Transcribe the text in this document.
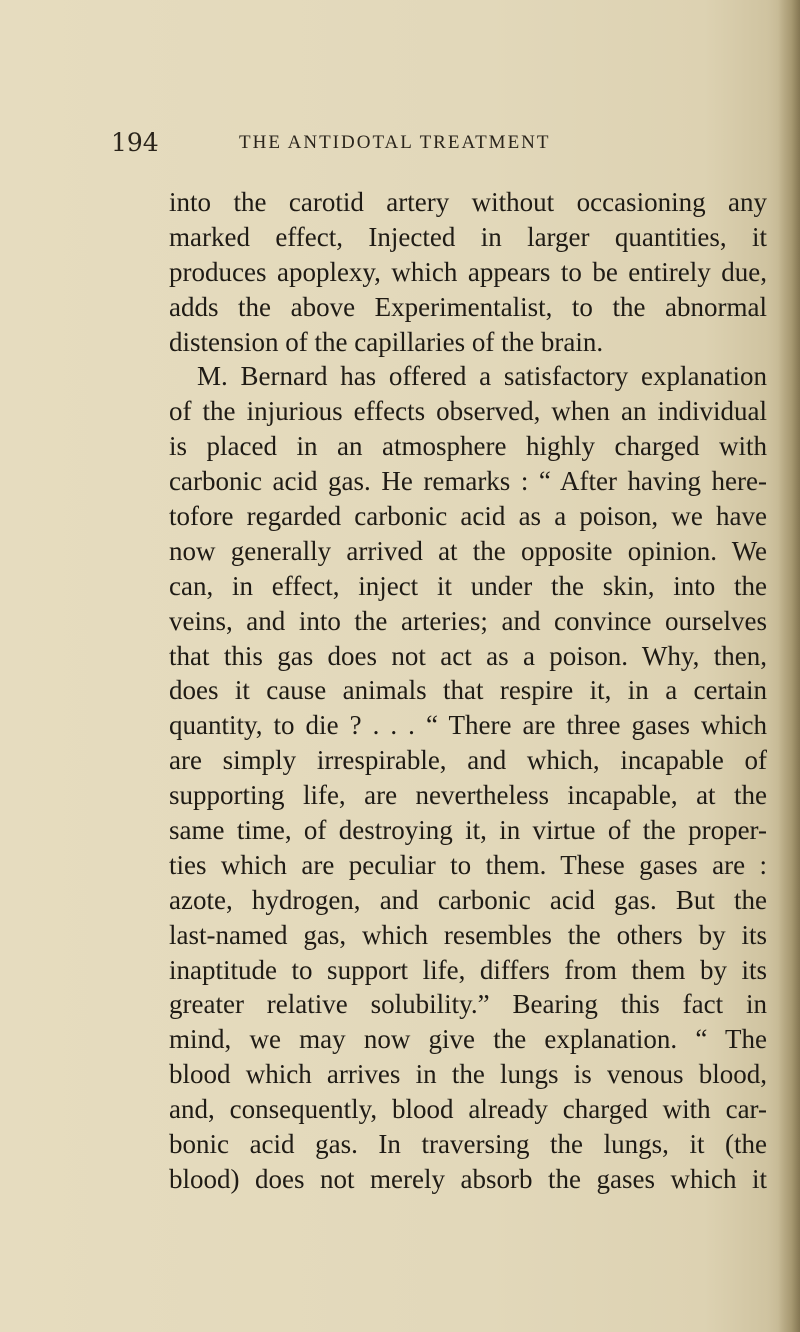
194	THE ANTIDOTAL TREATMENT
into the carotid artery without occasioning any
marked effect, Injected in larger quantities, it
produces apoplexy, which appears to be entirely due,
adds the above Experimentalist, to the abnormal
distension of the capillaries of the brain.
M. Bernard has offered a satisfactory explanation
of the injurious effects observed, when an individual
is placed in an atmosphere highly charged with
carbonic acid gas. He remarks : “ After having here-
tofore regarded carbonic acid as a poison, we have
now generally arrived at the opposite opinion. We
can, in effect, inject it under the skin, into the
veins, and into the arteries; and convince ourselves
that this gas does not act as a poison. Why, then,
does it cause animals that respire it, in a certain
quantity, to die ? . . . “ There are three gases which
are simply irrespirable, and which, incapable of
supporting life, are nevertheless incapable, at the
same time, of destroying it, in virtue of the proper-
ties which are peculiar to them. These gases are :
azote, hydrogen, and carbonic acid gas. But the
last-named gas, which resembles the others by its
inaptitude to support life, differs from them by its
greater relative solubility.” Bearing this fact in
mind, we may now give the explanation. “ The
blood which arrives in the lungs is venous blood,
and, consequently, blood already charged with car-
bonic acid gas. In traversing the lungs, it (the
blood) does not merely absorb the gases which it
